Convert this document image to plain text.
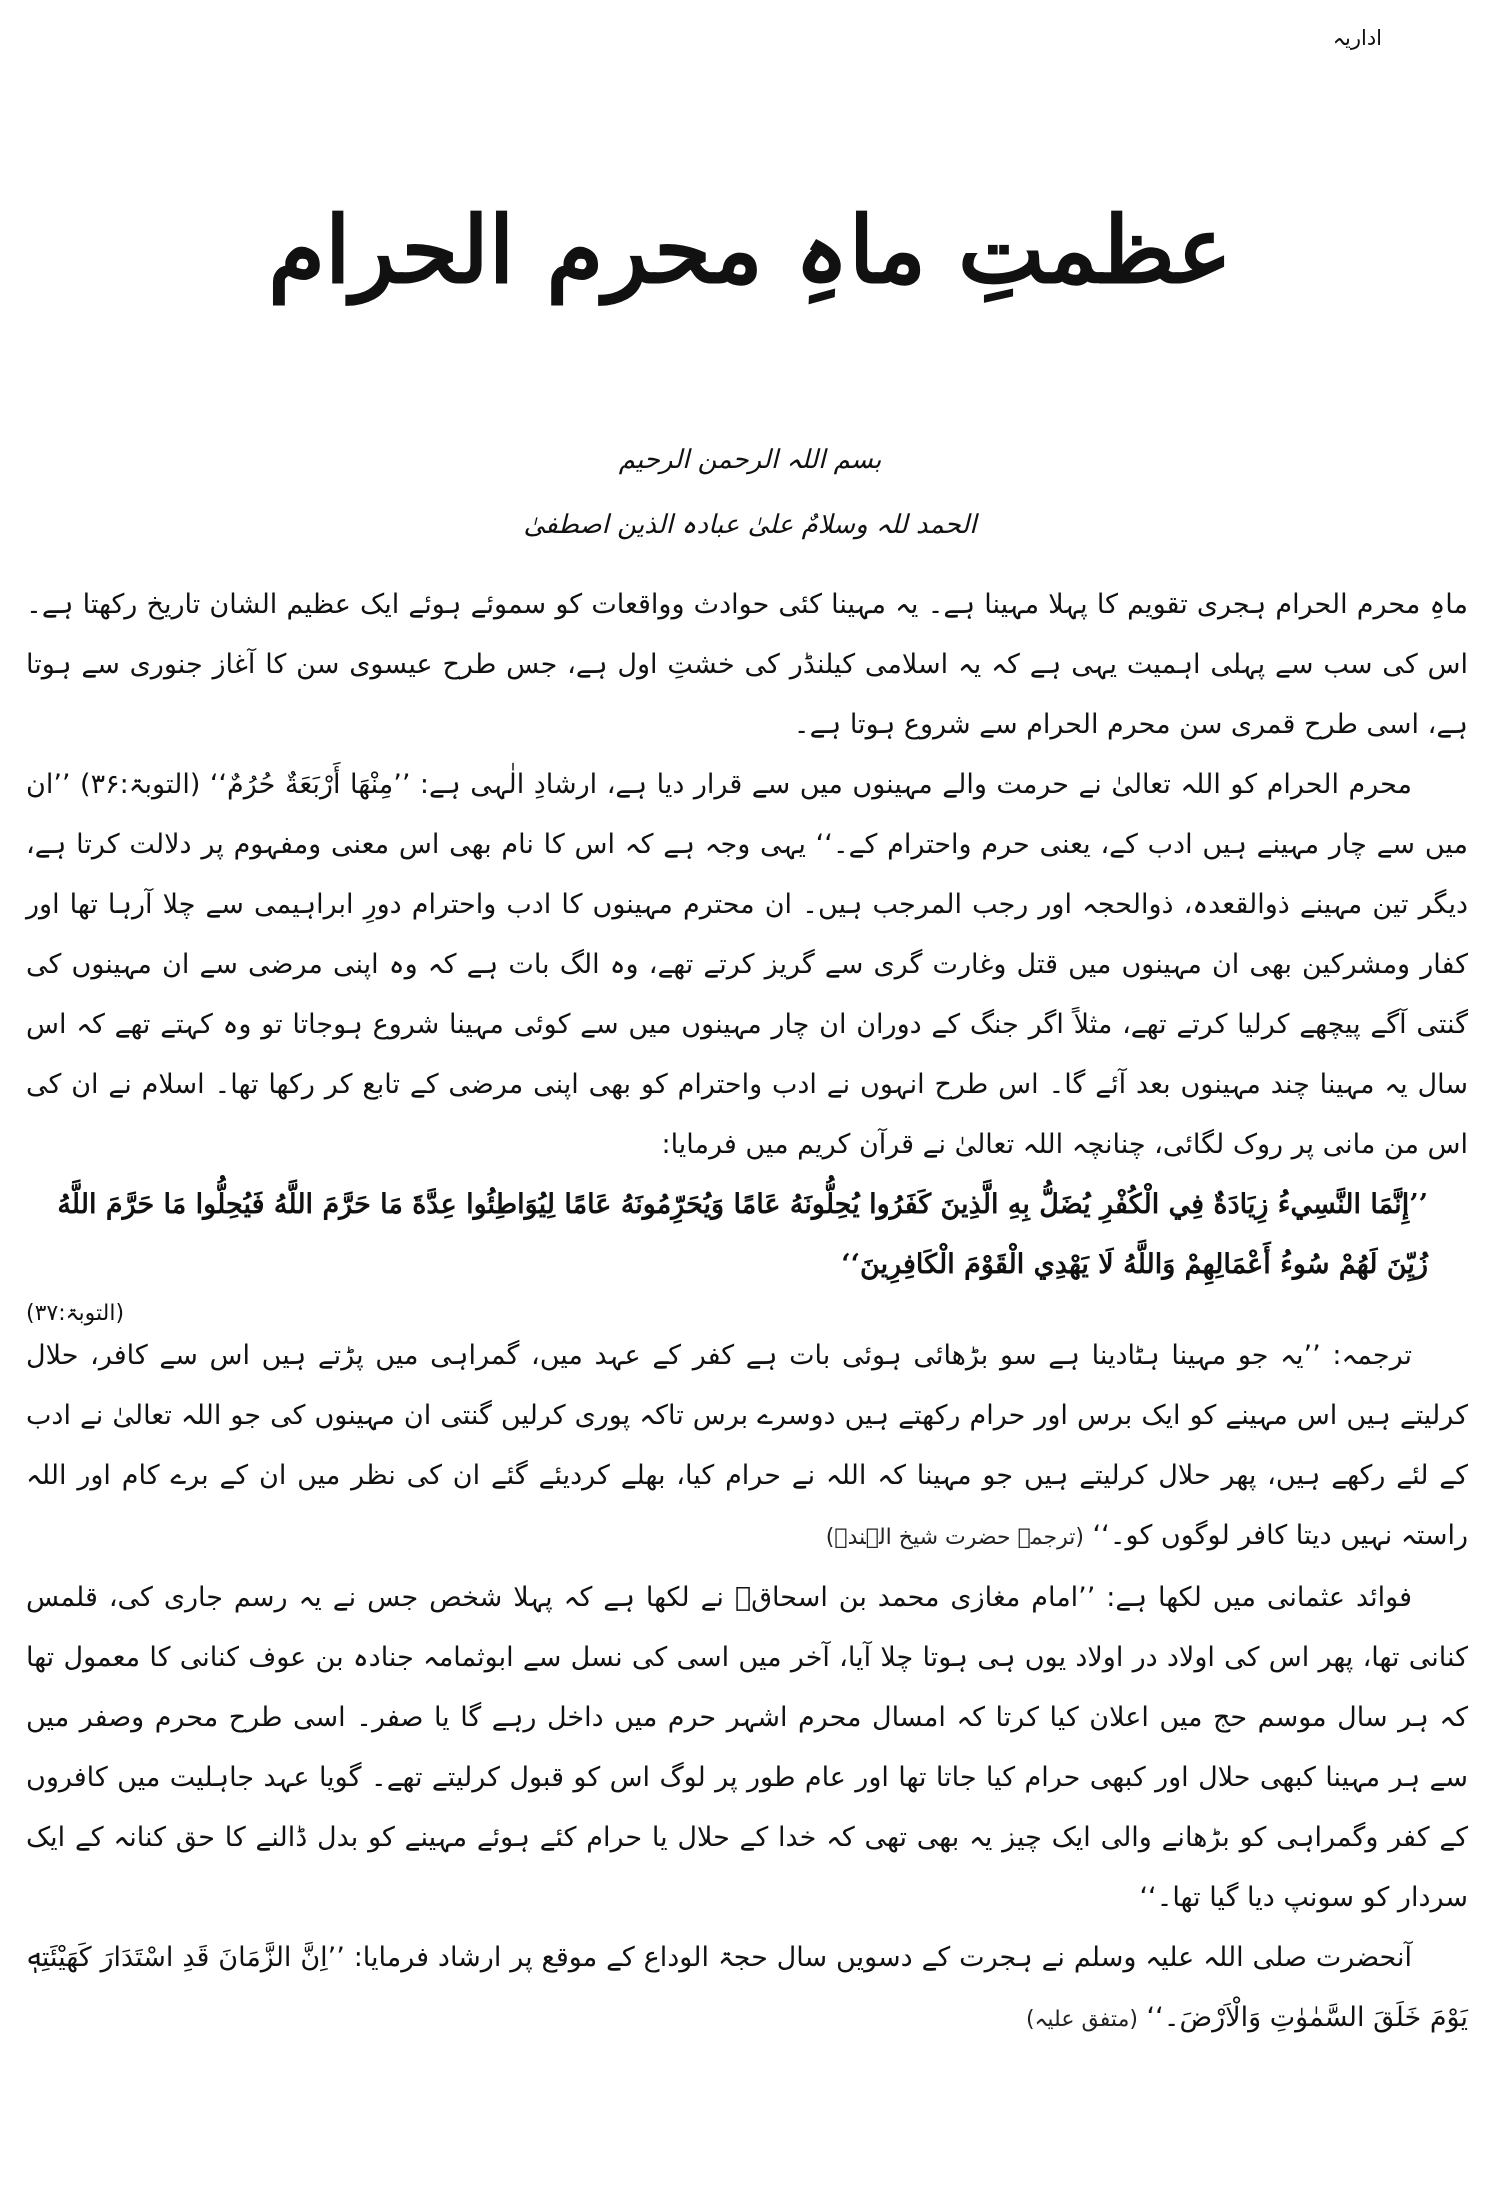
اداریہ
عظمتِ ماہِ محرم الحرام
بسم اللہ الرحمن الرحیم
الحمد للہ وسلامٌ علیٰ عبادہ الذین اصطفیٰ

ماہِ محرم الحرام ہجری تقویم کا پہلا مہینا ہے۔ یہ مہینا کئی حوادث وواقعات کو سموئے ہوئے ایک عظیم الشان تاریخ رکھتا ہے۔ اس کی سب سے پہلی اہمیت یہی ہے کہ یہ اسلامی کیلنڈر کی خشتِ اول ہے، جس طرح عیسوی سن کا آغاز جنوری سے ہوتا ہے، اسی طرح قمری سن محرم الحرام سے شروع ہوتا ہے۔

محرم الحرام کو اللہ تعالیٰ نے حرمت والے مہینوں میں سے قرار دیا ہے، ارشادِ الٰہی ہے: ’’مِنْهَا أَرْبَعَةٌ حُرُمٌ‘‘ (التوبۃ:۳۶) ’’ان میں سے چار مہینے ہیں ادب کے، یعنی حرم واحترام کے۔‘‘ یہی وجہ ہے کہ اس کا نام بھی اس معنی ومفہوم پر دلالت کرتا ہے، دیگر تین مہینے ذوالقعدہ، ذوالحجہ اور رجب المرجب ہیں۔ ان محترم مہینوں کا ادب واحترام دورِ ابراہیمی سے چلا آرہا تھا اور کفار ومشرکین بھی ان مہینوں میں قتل وغارت گری سے گریز کرتے تھے، وہ الگ بات ہے کہ وہ اپنی مرضی سے ان مہینوں کی گنتی آگے پیچھے کرلیا کرتے تھے، مثلاً اگر جنگ کے دوران ان چار مہینوں میں سے کوئی مہینا شروع ہوجاتا تو وہ کہتے تھے کہ اس سال یہ مہینا چند مہینوں بعد آئے گا۔ اس طرح انہوں نے ادب واحترام کو بھی اپنی مرضی کے تابع کر رکھا تھا۔ اسلام نے ان کی اس من مانی پر روک لگائی، چنانچہ اللہ تعالیٰ نے قرآن کریم میں فرمایا:

’’إِنَّمَا النَّسِيءُ زِيَادَةٌ فِي الْكُفْرِ يُضَلُّ بِهِ الَّذِينَ كَفَرُوا يُحِلُّونَهُ عَامًا وَيُحَرِّمُونَهُ عَامًا لِيُوَاطِئُوا عِدَّةَ مَا حَرَّمَ اللَّهُ فَيُحِلُّوا مَا حَرَّمَ اللَّهُ زُيِّنَ لَهُمْ سُوءُ أَعْمَالِهِمْ وَاللَّهُ لَا يَهْدِي الْقَوْمَ الْكَافِرِينَ‘‘

(التوبۃ:۳۷)

ترجمہ: ’’یہ جو مہینا ہٹادینا ہے سو بڑھائی ہوئی بات ہے کفر کے عہد میں، گمراہی میں پڑتے ہیں اس سے کافر، حلال کرلیتے ہیں اس مہینے کو ایک برس اور حرام رکھتے ہیں دوسرے برس تاکہ پوری کرلیں گنتی ان مہینوں کی جو اللہ تعالیٰ نے ادب کے لئے رکھے ہیں، پھر حلال کرلیتے ہیں جو مہینا کہ اللہ نے حرام کیا، بھلے کردیئے گئے ان کی نظر میں ان کے برے کام اور اللہ راستہ نہیں دیتا کافر لوگوں کو۔‘‘ (ترجمہ حضرت شیخ الہندؒ)

فوائد عثمانی میں لکھا ہے: ’’امام مغازی محمد بن اسحاقؒ نے لکھا ہے کہ پہلا شخص جس نے یہ رسم جاری کی، قلمس کنانی تھا، پھر اس کی اولاد در اولاد یوں ہی ہوتا چلا آیا، آخر میں اسی کی نسل سے ابوثمامہ جنادہ بن عوف کنانی کا معمول تھا کہ ہر سال موسم حج میں اعلان کیا کرتا کہ امسال محرم اشہر حرم میں داخل رہے گا یا صفر۔ اسی طرح محرم وصفر میں سے ہر مہینا کبھی حلال اور کبھی حرام کیا جاتا تھا اور عام طور پر لوگ اس کو قبول کرلیتے تھے۔ گویا عہد جاہلیت میں کافروں کے کفر وگمراہی کو بڑھانے والی ایک چیز یہ بھی تھی کہ خدا کے حلال یا حرام کئے ہوئے مہینے کو بدل ڈالنے کا حق کنانہ کے ایک سردار کو سونپ دیا گیا تھا۔‘‘

آنحضرت صلی اللہ علیہ وسلم نے ہجرت کے دسویں سال حجۃ الوداع کے موقع پر ارشاد فرمایا: ’’اِنَّ الزَّمَانَ قَدِ اسْتَدَارَ كَهَيْئَتِهٖ يَوْمَ خَلَقَ السَّمٰوٰتِ وَالْاَرْضَ۔‘‘ (متفق علیہ)
